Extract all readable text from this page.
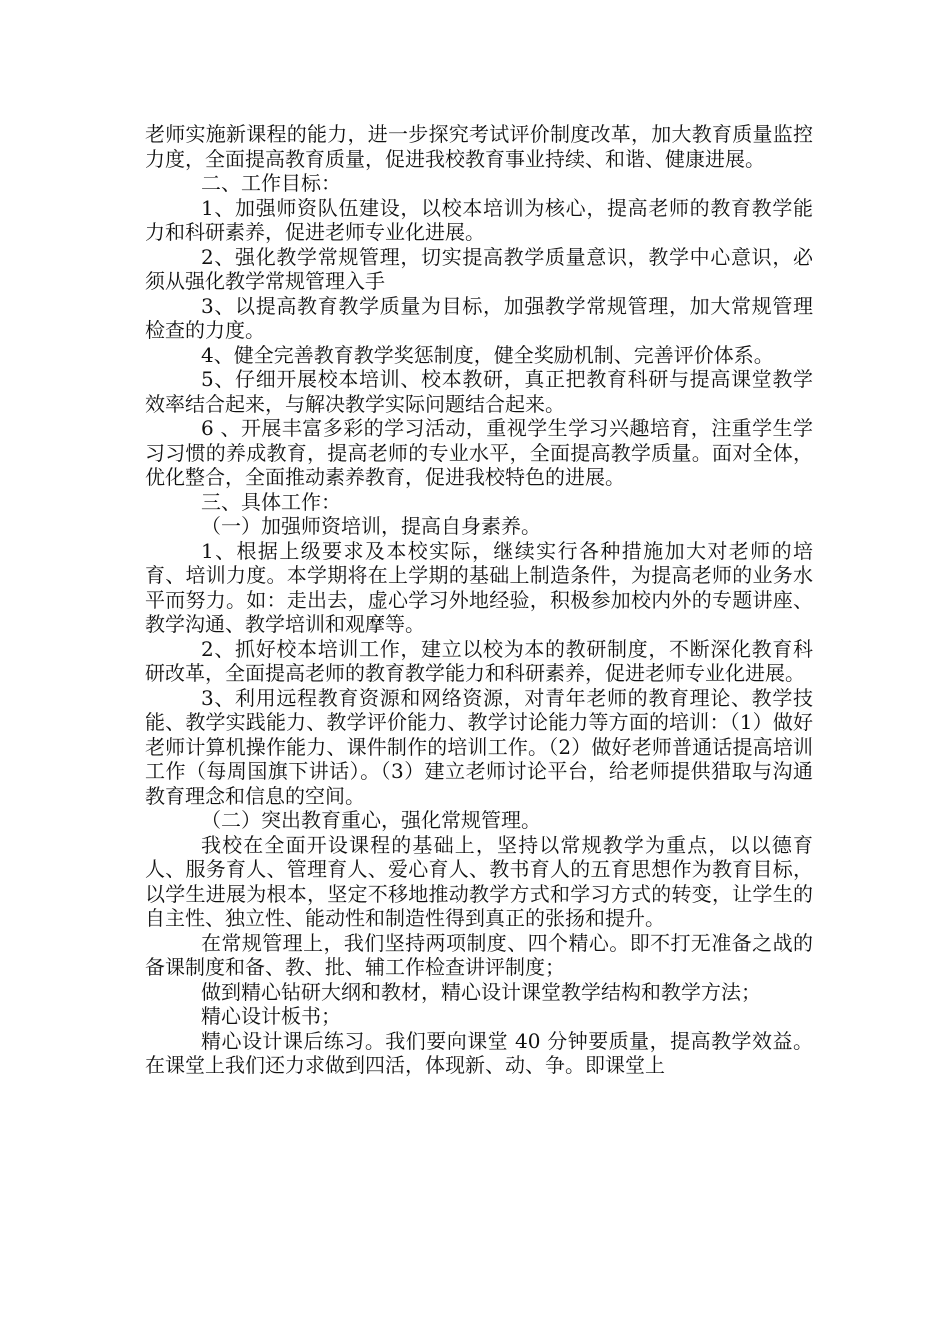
老师实施新课程的能力，进一步探究考试评价制度改革，加大教育质量监控力度，全面提高教育质量，促进我校教育事业持续、和谐、健康进展。

二、工作目标：

1、加强师资队伍建设，以校本培训为核心，提高老师的教育教学能力和科研素养，促进老师专业化进展。

2、强化教学常规管理，切实提高教学质量意识，教学中心意识，必须从强化教学常规管理入手

3、以提高教育教学质量为目标，加强教学常规管理，加大常规管理检查的力度。

4、健全完善教育教学奖惩制度，健全奖励机制、完善评价体系。

5、仔细开展校本培训、校本教研，真正把教育科研与提高课堂教学效率结合起来，与解决教学实际问题结合起来。

6 、开展丰富多彩的学习活动，重视学生学习兴趣培育，注重学生学习习惯的养成教育，提高老师的专业水平，全面提高教学质量。面对全体，优化整合，全面推动素养教育，促进我校特色的进展。

三、具体工作：

（一）加强师资培训，提高自身素养。

1、根据上级要求及本校实际，继续实行各种措施加大对老师的培育、培训力度。本学期将在上学期的基础上制造条件，为提高老师的业务水平而努力。如：走出去，虚心学习外地经验，积极参加校内外的专题讲座、教学沟通、教学培训和观摩等。

2、抓好校本培训工作，建立以校为本的教研制度，不断深化教育科研改革，全面提高老师的教育教学能力和科研素养，促进老师专业化进展。

3、利用远程教育资源和网络资源，对青年老师的教育理论、教学技能、教学实践能力、教学评价能力、教学讨论能力等方面的培训：（1）做好老师计算机操作能力、课件制作的培训工作。（2）做好老师普通话提高培训工作（每周国旗下讲话）。（3）建立老师讨论平台，给老师提供猎取与沟通教育理念和信息的空间。

（二）突出教育重心，强化常规管理。

我校在全面开设课程的基础上，坚持以常规教学为重点，以以德育人、服务育人、管理育人、爱心育人、教书育人的五育思想作为教育目标，以学生进展为根本，坚定不移地推动教学方式和学习方式的转变，让学生的自主性、独立性、能动性和制造性得到真正的张扬和提升。

在常规管理上，我们坚持两项制度、四个精心。即不打无准备之战的备课制度和备、教、批、辅工作检查讲评制度；

做到精心钻研大纲和教材，精心设计课堂教学结构和教学方法；

精心设计板书；

精心设计课后练习。我们要向课堂 40 分钟要质量，提高教学效益。在课堂上我们还力求做到四活，体现新、动、争。即课堂上
